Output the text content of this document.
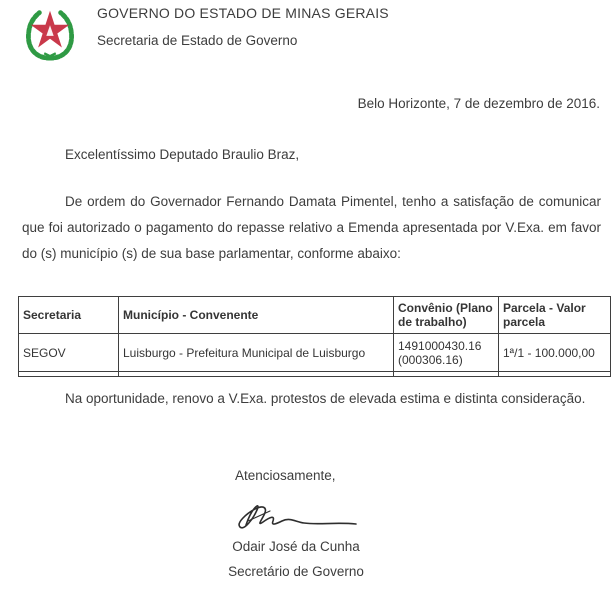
GOVERNO DO ESTADO DE MINAS GERAIS
Secretaria de Estado de Governo
Belo Horizonte, 7 de dezembro de 2016.
Excelentíssimo Deputado Braulio Braz,
De ordem do Governador Fernando Damata Pimentel, tenho a satisfação de comunicar que foi autorizado o pagamento do repasse relativo a Emenda apresentada por V.Exa. em favor do (s) município (s) de sua base parlamentar, conforme abaixo:
Secretaria	Município - Convenente	Convênio (Plano de trabalho)	Parcela - Valor parcela
SEGOV	Luisburgo - Prefeitura Municipal de Luisburgo	1491000430.16 (000306.16)	1ª/1 - 100.000,00

Na oportunidade, renovo a V.Exa. protestos de elevada estima e distinta consideração.
Atenciosamente,
Odair José da Cunha
Secretário de Governo
